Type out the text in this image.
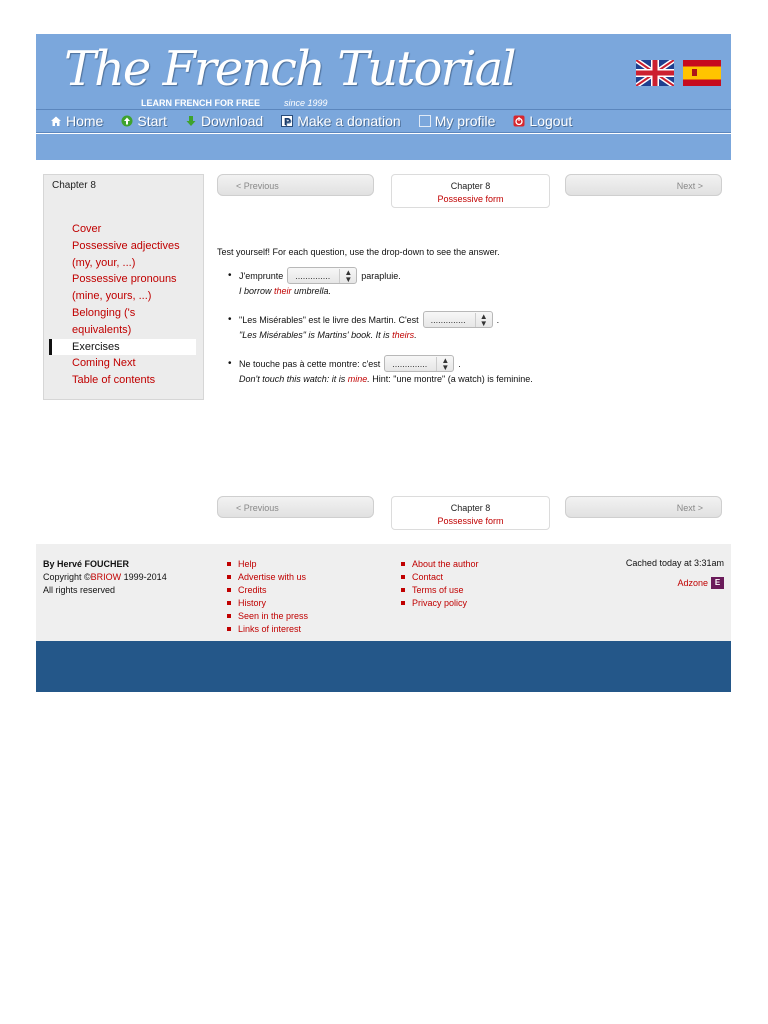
The French Tutorial
LEARN FRENCH FOR FREE	since 1999
Home Start Download P Make a donation My profile Logout
Chapter 8
Cover
Possessive adjectives (my, your, ...)
Possessive pronouns (mine, yours, ...)
Belonging ('s equivalents)
Exercises
Coming Next
Table of contents
< Previous	Chapter 8
Possessive form
Next >

Test yourself! For each question, use the drop-down to see the answer.

• J'emprunte ..............	▲
▼ parapluie.
I borrow their umbrella.
• "Les Misérables" est le livre des Martin. C'est ..............	▲
▼ .
"Les Misérables" is Martins' book. It is theirs.
• Ne touche pas à cette montre: c'est ..............	▲
▼ .
Don't touch this watch: it is mine. Hint: "une montre" (a watch) is feminine.
< Previous	Chapter 8
Possessive form
Next >
By Hervé FOUCHER
Copyright ©BRIOW 1999-2014
All rights reserved
Help
Advertise with us
Credits
History
Seen in the press
Links of interest
About the author
Contact
Terms of use
Privacy policy
Cached today at 3:31am
Adzone E
